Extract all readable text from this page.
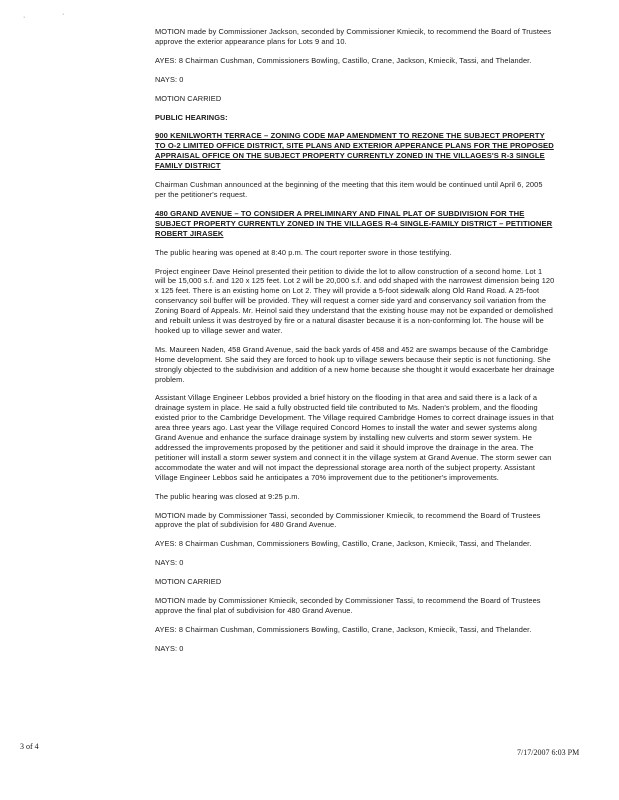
·	·

MOTION made by Commissioner Jackson, seconded by Commissioner Kmiecik, to recommend the Board of Trustees approve the exterior appearance plans for Lots 9 and 10.

AYES: 8 Chairman Cushman, Commissioners Bowling, Castillo, Crane, Jackson, Kmiecik, Tassi, and Thelander.

NAYS: 0

MOTION CARRIED

PUBLIC HEARINGS:

900 KENILWORTH TERRACE – ZONING CODE MAP AMENDMENT TO REZONE THE SUBJECT PROPERTY TO O-2 LIMITED OFFICE DISTRICT, SITE PLANS AND EXTERIOR APPERANCE PLANS FOR THE PROPOSED APPRAISAL OFFICE ON THE SUBJECT PROPERTY CURRENTLY ZONED IN THE VILLAGES'S R-3 SINGLE FAMILY DISTRICT

Chairman Cushman announced at the beginning of the meeting that this item would be continued until April 6, 2005 per the petitioner's request.

480 GRAND AVENUE – TO CONSIDER A PRELIMINARY AND FINAL PLAT OF SUBDIVISION FOR THE SUBJECT PROPERTY CURRENTLY ZONED IN THE VILLAGES R-4 SINGLE-FAMILY DISTRICT – PETITIONER ROBERT JIRASEK

The public hearing was opened at 8:40 p.m. The court reporter swore in those testifying.

Project engineer Dave Heinol presented their petition to divide the lot to allow construction of a second home. Lot 1 will be 15,000 s.f. and 120 x 125 feet. Lot 2 will be 20,000 s.f. and odd shaped with the narrowest dimension being 120 x 125 feet. There is an existing home on Lot 2. They will provide a 5-foot sidewalk along Old Rand Road. A 25-foot conservancy soil buffer will be provided. They will request a corner side yard and conservancy soil variation from the Zoning Board of Appeals. Mr. Heinol said they understand that the existing house may not be expanded or demolished and rebuilt unless it was destroyed by fire or a natural disaster because it is a non-conforming lot. The house will be hooked up to village sewer and water.

Ms. Maureen Naden, 458 Grand Avenue, said the back yards of 458 and 452 are swamps because of the Cambridge Home development. She said they are forced to hook up to village sewers because their septic is not functioning. She strongly objected to the subdivision and addition of a new home because she thought it would exacerbate her drainage problem.

Assistant Village Engineer Lebbos provided a brief history on the flooding in that area and said there is a lack of a drainage system in place. He said a fully obstructed field tile contributed to Ms. Naden's problem, and the flooding existed prior to the Cambridge Development. The Village required Cambridge Homes to correct drainage issues in that area three years ago. Last year the Village required Concord Homes to install the water and sewer systems along Grand Avenue and enhance the surface drainage system by installing new culverts and storm sewer system. He addressed the improvements proposed by the petitioner and said it should improve the drainage in the area. The petitioner will install a storm sewer system and connect it in the village system at Grand Avenue. The storm sewer can accommodate the water and will not impact the depressional storage area north of the subject property. Assistant Village Engineer Lebbos said he anticipates a 70% improvement due to the petitioner's improvements.

The public hearing was closed at 9:25 p.m.

MOTION made by Commissioner Tassi, seconded by Commissioner Kmiecik, to recommend the Board of Trustees approve the plat of subdivision for 480 Grand Avenue.

AYES: 8 Chairman Cushman, Commissioners Bowling, Castillo, Crane, Jackson, Kmiecik, Tassi, and Thelander.

NAYS: 0

MOTION CARRIED

MOTION made by Commissioner Kmiecik, seconded by Commissioner Tassi, to recommend the Board of Trustees approve the final plat of subdivision for 480 Grand Avenue.

AYES: 8 Chairman Cushman, Commissioners Bowling, Castillo, Crane, Jackson, Kmiecik, Tassi, and Thelander.

NAYS: 0

3 of 4
7/17/2007 6:03 PM
